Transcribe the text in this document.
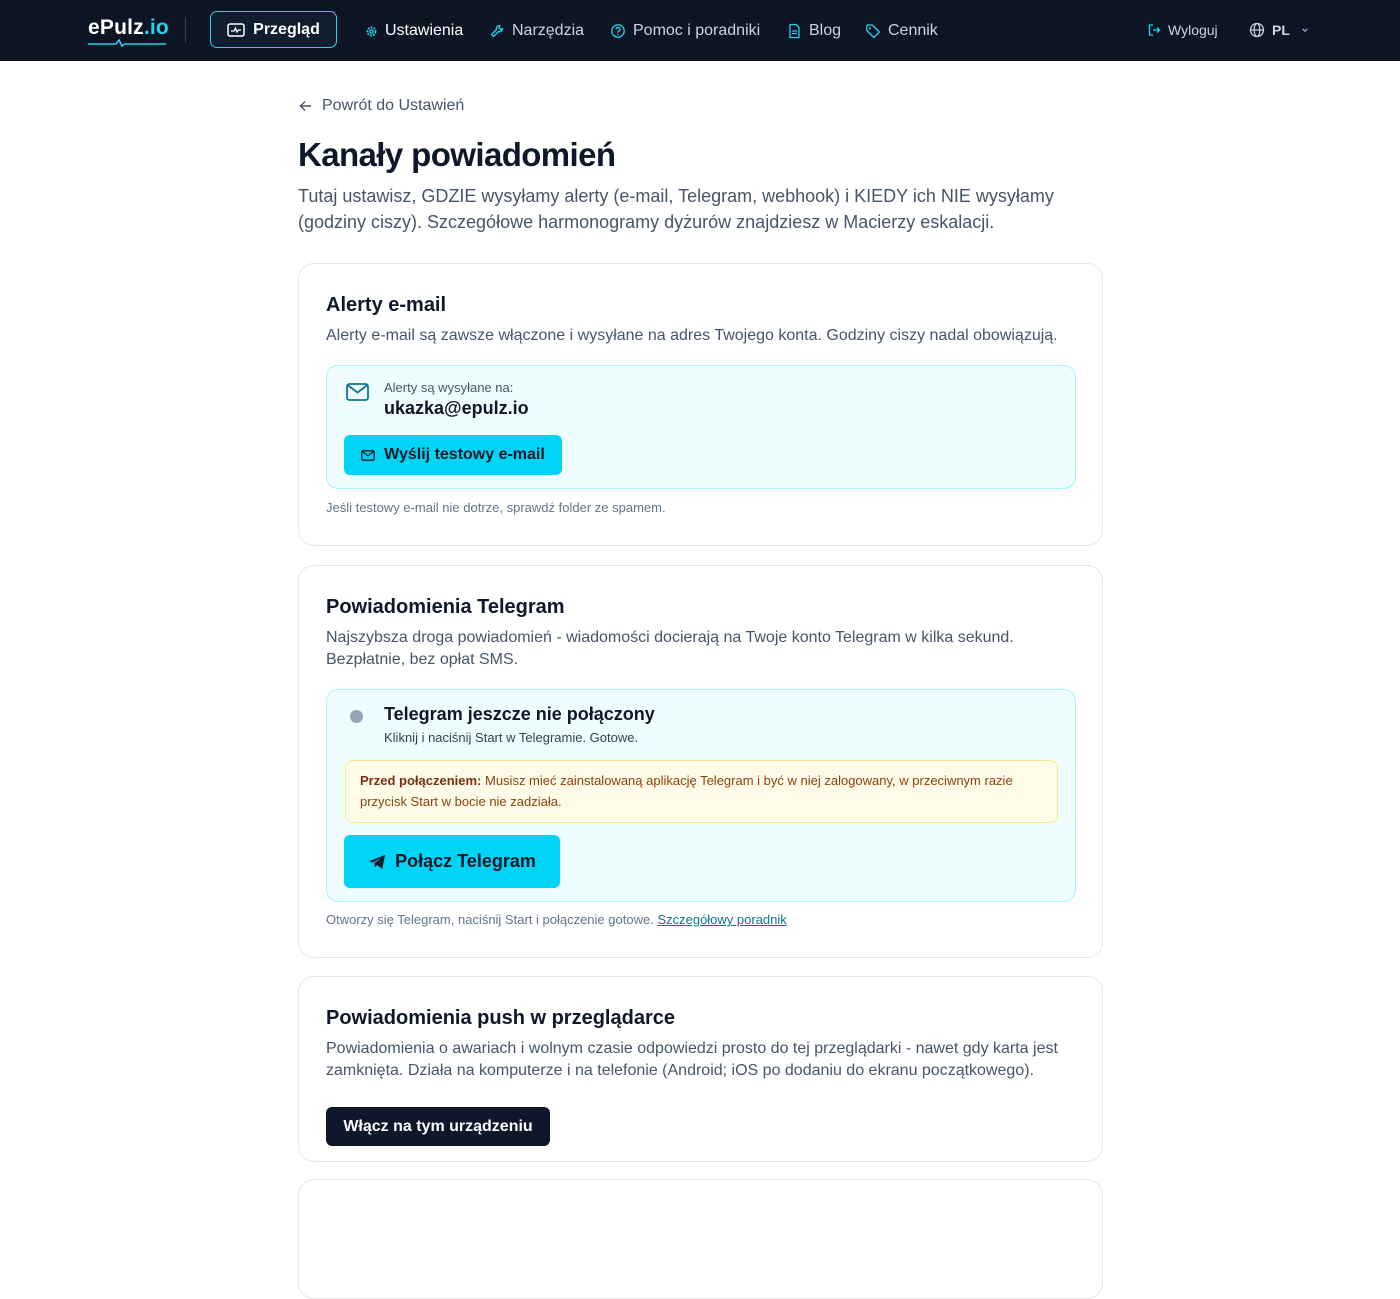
ePulz.io	Przegląd	Ustawienia	Narzędzia	Pomoc i poradniki	Blog	Cennik	Wyloguj	PL
Powrót do Ustawień
Kanały powiadomień

Tutaj ustawisz, GDZIE wysyłamy alerty (e-mail, Telegram, webhook) i KIEDY ich NIE wysyłamy (godziny ciszy). Szczegółowe harmonogramy dyżurów znajdziesz w Macierzy eskalacji.

Alerty e-mail

Alerty e-mail są zawsze włączone i wysyłane na adres Twojego konta. Godziny ciszy nadal obowiązują.

Alerty są wysyłane na:
ukazka@epulz.io
Wyślij testowy e-mail

Jeśli testowy e-mail nie dotrze, sprawdź folder ze spamem.

Powiadomienia Telegram

Najszybsza droga powiadomień - wiadomości docierają na Twoje konto Telegram w kilka sekund. Bezpłatnie, bez opłat SMS.

Telegram jeszcze nie połączony
Kliknij i naciśnij Start w Telegramie. Gotowe.
Przed połączeniem: Musisz mieć zainstalowaną aplikację Telegram i być w niej zalogowany, w przeciwnym razie przycisk Start w bocie nie zadziała.
Połącz Telegram

Otworzy się Telegram, naciśnij Start i połączenie gotowe. Szczegółowy poradnik

Powiadomienia push w przeglądarce

Powiadomienia o awariach i wolnym czasie odpowiedzi prosto do tej przeglądarki - nawet gdy karta jest zamknięta. Działa na komputerze i na telefonie (Android; iOS po dodaniu do ekranu początkowego).

Włącz na tym urządzeniu
